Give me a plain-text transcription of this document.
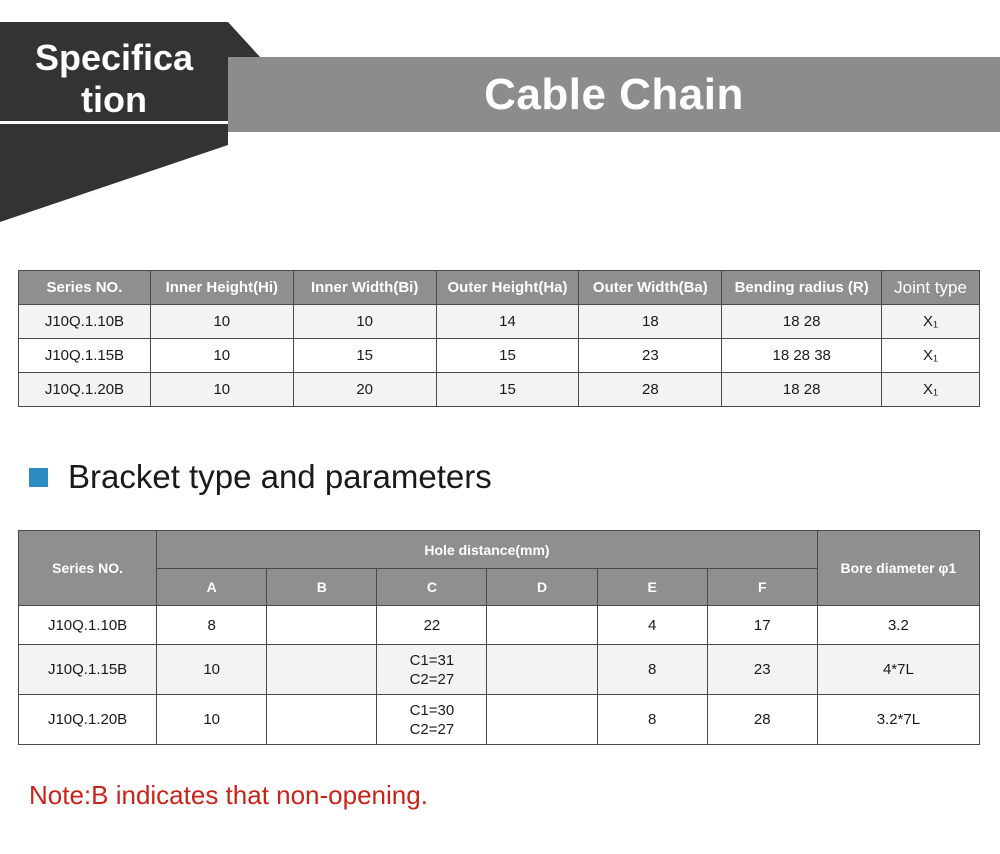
Specifica
tion	Cable Chain
Series NO.	Inner Height(Hi)	Inner Width(Bi)	Outer Height(Ha)	Outer Width(Ba)	Bending radius (R)	Joint type
J10Q.1.10B	10	10	14	18	18 28	X₁
J10Q.1.15B	10	15	15	23	18 28 38	X₁
J10Q.1.20B	10	20	15	28	18 28	X₁
Bracket type and parameters
Series NO.	Hole distance(mm)						Bore diameter φ1
	A	B	C	D	E	F	
J10Q.1.10B	8		22		4	17	3.2
J10Q.1.15B	10		C1=31
C2=27		8	23	4*7L
J10Q.1.20B	10		C1=30
C2=27		8	28	3.2*7L
Note:B indicates that non-opening.
